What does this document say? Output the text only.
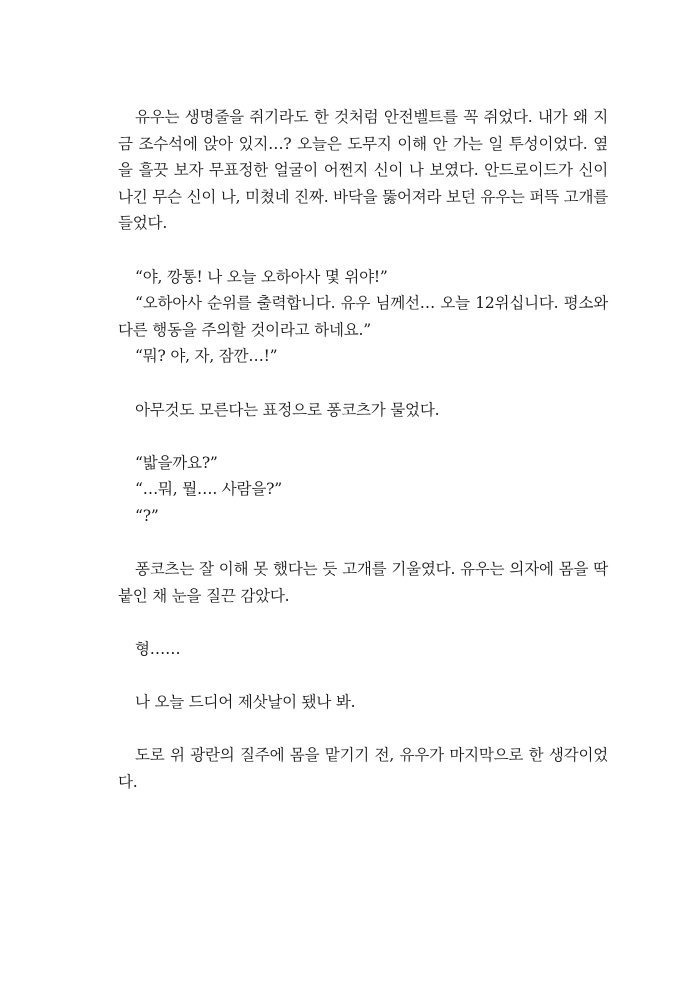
유우는 생명줄을 쥐기라도 한 것처럼 안전벨트를 꼭 쥐었다. 내가 왜 지금 조수석에 앉아 있지…? 오늘은 도무지 이해 안 가는 일 투성이었다. 옆을 흘끗 보자 무표정한 얼굴이 어쩐지 신이 나 보였다. 안드로이드가 신이 나긴 무슨 신이 나, 미쳤네 진짜. 바닥을 뚫어져라 보던 유우는 퍼뜩 고개를 들었다.

“야, 깡통! 나 오늘 오하아사 몇 위야!”

“오하아사 순위를 출력합니다. 유우 님께선… 오늘 12위십니다. 평소와 다른 행동을 주의할 것이라고 하네요.”

“뭐? 야, 자, 잠깐…!”

아무것도 모른다는 표정으로 퐁코츠가 물었다.

“밟을까요?”

“…뭐, 뭘…. 사람을?”

“?”

퐁코츠는 잘 이해 못 했다는 듯 고개를 기울였다. 유우는 의자에 몸을 딱 붙인 채 눈을 질끈 감았다.

형……

나 오늘 드디어 제삿날이 됐나 봐.

도로 위 광란의 질주에 몸을 맡기기 전, 유우가 마지막으로 한 생각이었다.
